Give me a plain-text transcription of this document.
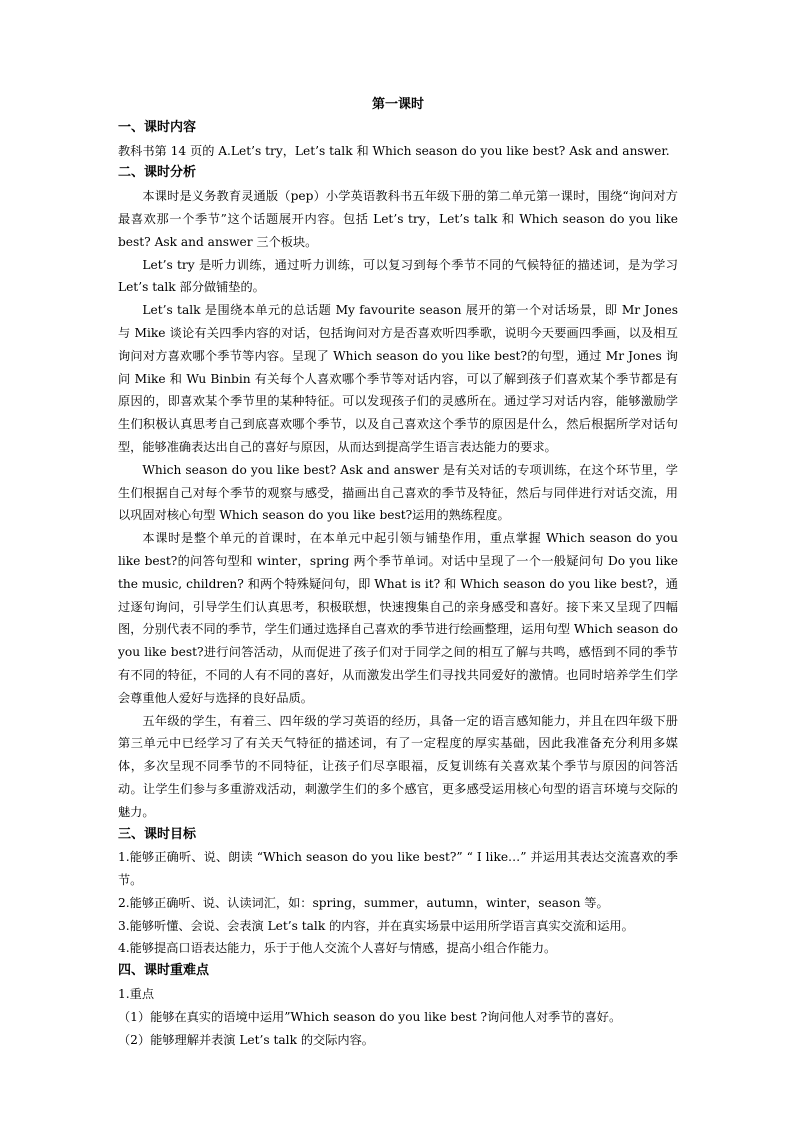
第一课时

一、课时内容

教科书第 14 页的 A.Let’s try，Let’s talk 和 Which season do you like best? Ask and answer.

二、课时分析

本课时是义务教育灵通版（pep）小学英语教科书五年级下册的第二单元第一课时，围绕“询问对方最喜欢那一个季节”这个话题展开内容。包括 Let’s try，Let’s talk 和 Which season do you like best? Ask and answer 三个板块。

Let’s try 是听力训练，通过听力训练，可以复习到每个季节不同的气候特征的描述词，是为学习 Let’s talk 部分做铺垫的。

Let’s talk 是围绕本单元的总话题 My favourite season 展开的第一个对话场景，即 Mr Jones 与 Mike 谈论有关四季内容的对话，包括询问对方是否喜欢听四季歌，说明今天要画四季画，以及相互询问对方喜欢哪个季节等内容。呈现了 Which season do you like best?的句型，通过 Mr Jones 询问 Mike 和 Wu Binbin 有关每个人喜欢哪个季节等对话内容，可以了解到孩子们喜欢某个季节都是有原因的，即喜欢某个季节里的某种特征。可以发现孩子们的灵感所在。通过学习对话内容，能够激励学生们积极认真思考自己到底喜欢哪个季节，以及自己喜欢这个季节的原因是什么，然后根据所学对话句型，能够准确表达出自己的喜好与原因，从而达到提高学生语言表达能力的要求。

Which season do you like best? Ask and answer 是有关对话的专项训练，在这个环节里，学生们根据自己对每个季节的观察与感受，描画出自己喜欢的季节及特征，然后与同伴进行对话交流，用以巩固对核心句型 Which season do you like best?运用的熟练程度。

本课时是整个单元的首课时，在本单元中起引领与铺垫作用，重点掌握 Which season do you like best?的问答句型和 winter，spring 两个季节单词。对话中呈现了一个一般疑问句 Do you like the music, children? 和两个特殊疑问句，即 What is it? 和 Which season do you like best?，通过逐句询问，引导学生们认真思考，积极联想，快速搜集自己的亲身感受和喜好。接下来又呈现了四幅图，分别代表不同的季节，学生们通过选择自己喜欢的季节进行绘画整理，运用句型 Which season do you like best?进行问答活动，从而促进了孩子们对于同学之间的相互了解与共鸣，感悟到不同的季节有不同的特征，不同的人有不同的喜好，从而激发出学生们寻找共同爱好的激情。也同时培养学生们学会尊重他人爱好与选择的良好品质。

五年级的学生，有着三、四年级的学习英语的经历，具备一定的语言感知能力，并且在四年级下册第三单元中已经学习了有关天气特征的描述词，有了一定程度的厚实基础，因此我准备充分利用多媒体，多次呈现不同季节的不同特征，让孩子们尽享眼福，反复训练有关喜欢某个季节与原因的问答活动。让学生们参与多重游戏活动，刺激学生们的多个感官，更多感受运用核心句型的语言环境与交际的魅力。

三、课时目标

1.能够正确听、说、朗读 “Which season do you like best?” “ I like…” 并运用其表达交流喜欢的季节。

2.能够正确听、说、认读词汇，如：spring，summer，autumn，winter，season 等。

3.能够听懂、会说、会表演 Let’s talk 的内容，并在真实场景中运用所学语言真实交流和运用。

4.能够提高口语表达能力，乐于于他人交流个人喜好与情感，提高小组合作能力。

四、课时重难点

1.重点

（1）能够在真实的语境中运用”Which season do you like best ?询问他人对季节的喜好。

（2）能够理解并表演 Let’s talk 的交际内容。
